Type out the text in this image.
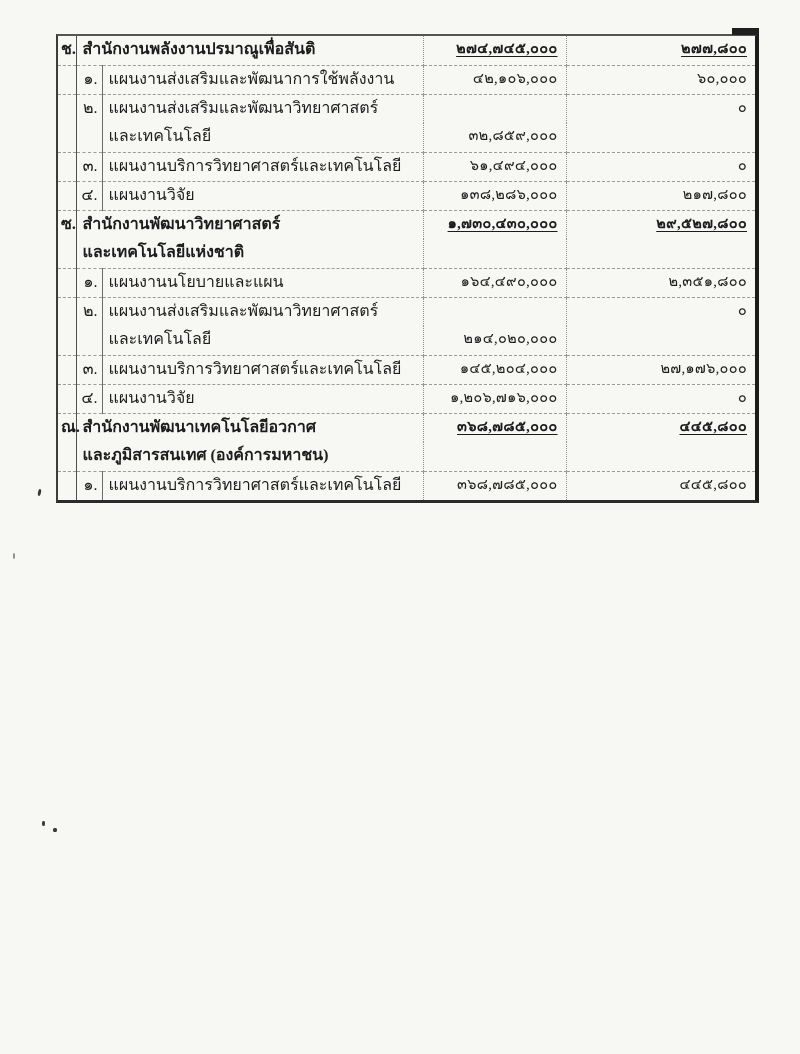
ช.	สำนักงานพลังงานปรมาณูเพื่อสันติ		๒๗๔,๗๔๕,๐๐๐	๒๗๗,๘๐๐
	๑.	แผนงานส่งเสริมและพัฒนาการใช้พลังงาน	๔๒,๑๐๖,๐๐๐	๖๐,๐๐๐
	๒.	แผนงานส่งเสริมและพัฒนาวิทยาศาสตร์		๐
		และเทคโนโลยี	๓๒,๘๕๙,๐๐๐	
	๓.	แผนงานบริการวิทยาศาสตร์และเทคโนโลยี	๖๑,๔๙๔,๐๐๐	๐
	๔.	แผนงานวิจัย	๑๓๘,๒๘๖,๐๐๐	๒๑๗,๘๐๐
ซ.	สำนักงานพัฒนาวิทยาศาสตร์		๑,๗๓๐,๔๓๐,๐๐๐	๒๙,๕๒๗,๘๐๐
	และเทคโนโลยีแห่งชาติ			
	๑.	แผนงานนโยบายและแผน	๑๖๔,๔๙๐,๐๐๐	๒,๓๕๑,๘๐๐
	๒.	แผนงานส่งเสริมและพัฒนาวิทยาศาสตร์		๐
		และเทคโนโลยี	๒๑๔,๐๒๐,๐๐๐	
	๓.	แผนงานบริการวิทยาศาสตร์และเทคโนโลยี	๑๔๕,๒๐๔,๐๐๐	๒๗,๑๗๖,๐๐๐
	๔.	แผนงานวิจัย	๑,๒๐๖,๗๑๖,๐๐๐	๐
ณ.	สำนักงานพัฒนาเทคโนโลยีอวกาศ		๓๖๘,๗๘๕,๐๐๐	๔๔๕,๘๐๐
	และภูมิสารสนเทศ (องค์การมหาชน)			
	๑.	แผนงานบริการวิทยาศาสตร์และเทคโนโลยี	๓๖๘,๗๘๕,๐๐๐	๔๔๕,๘๐๐
